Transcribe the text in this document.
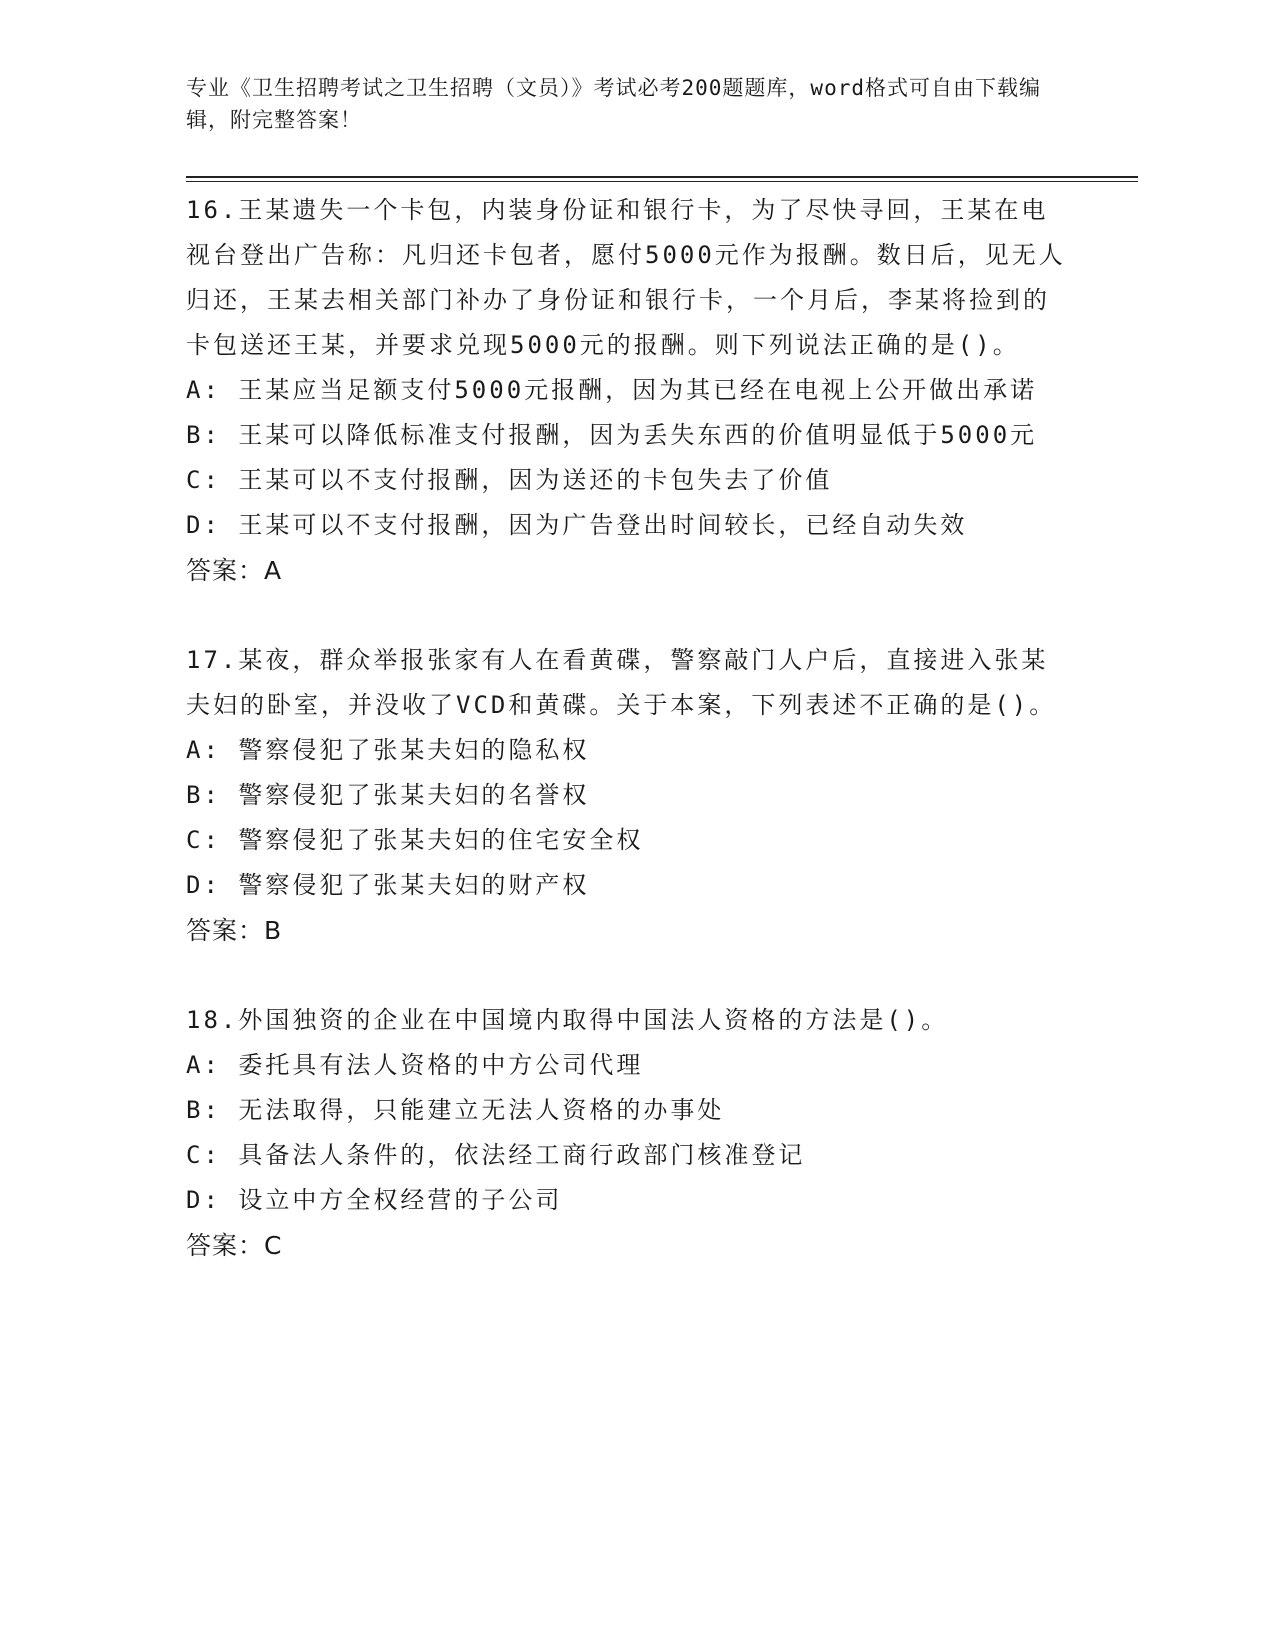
专业《卫生招聘考试之卫生招聘（文员）》考试必考200题题库，word格式可自由下载编辑，附完整答案！

16.王某遗失一个卡包，内装身份证和银行卡，为了尽快寻回，王某在电视台登出广告称：凡归还卡包者，愿付5000元作为报酬。数日后，见无人归还，王某去相关部门补办了身份证和银行卡，一个月后，李某将捡到的卡包送还王某，并要求兑现5000元的报酬。则下列说法正确的是()。

A: 王某应当足额支付5000元报酬，因为其已经在电视上公开做出承诺

B: 王某可以降低标准支付报酬，因为丢失东西的价值明显低于5000元

C: 王某可以不支付报酬，因为送还的卡包失去了价值

D: 王某可以不支付报酬，因为广告登出时间较长，已经自动失效

答案：A

17.某夜，群众举报张家有人在看黄碟，警察敲门人户后，直接进入张某夫妇的卧室，并没收了VCD和黄碟。关于本案，下列表述不正确的是()。

A: 警察侵犯了张某夫妇的隐私权

B: 警察侵犯了张某夫妇的名誉权

C: 警察侵犯了张某夫妇的住宅安全权

D: 警察侵犯了张某夫妇的财产权

答案：B

18.外国独资的企业在中国境内取得中国法人资格的方法是()。

A: 委托具有法人资格的中方公司代理

B: 无法取得，只能建立无法人资格的办事处

C: 具备法人条件的，依法经工商行政部门核准登记

D: 设立中方全权经营的子公司

答案：C
